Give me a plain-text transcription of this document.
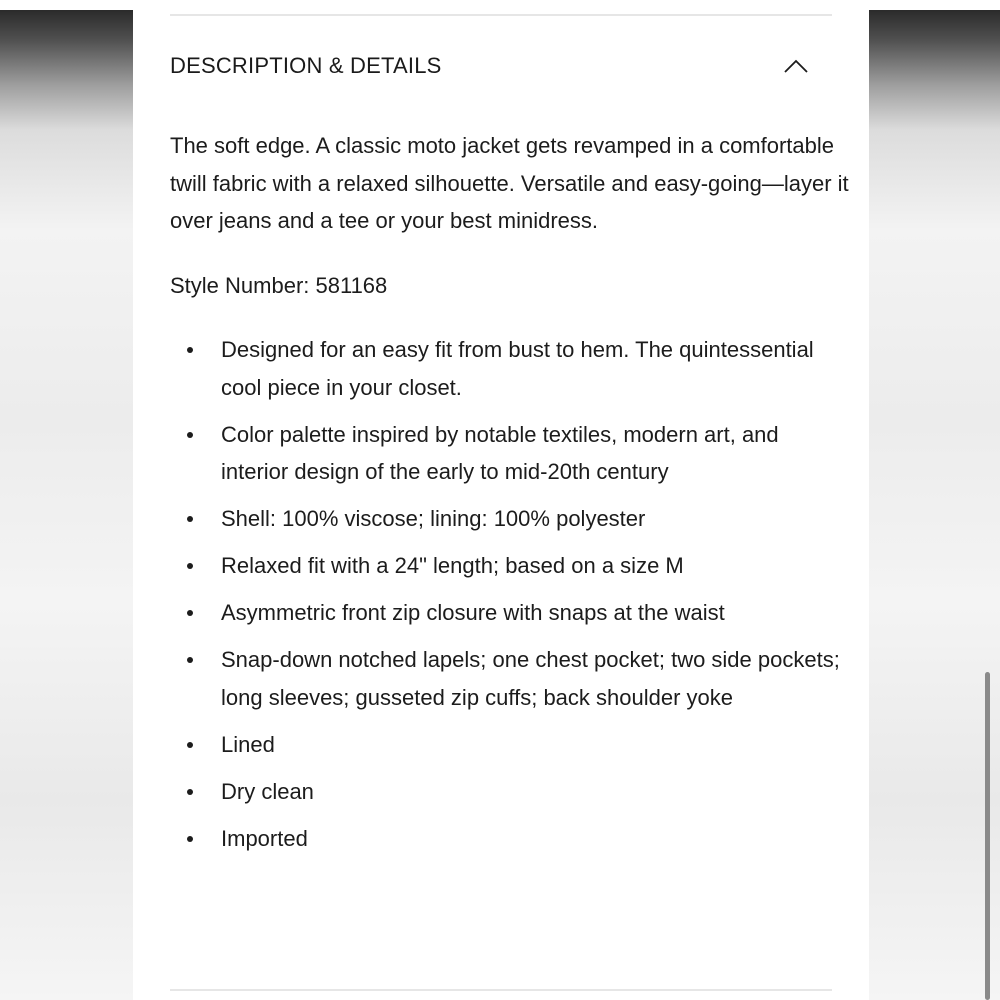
DESCRIPTION & DETAILS

The soft edge. A classic moto jacket gets revamped in a comfortable twill fabric with a relaxed silhouette. Versatile and easy-going—layer it over jeans and a tee or your best minidress.

Style Number: 581168

Designed for an easy fit from bust to hem. The quintessential cool piece in your closet.
Color palette inspired by notable textiles, modern art, and interior design of the early to mid-20th century
Shell: 100% viscose; lining: 100% polyester
Relaxed fit with a 24" length; based on a size M
Asymmetric front zip closure with snaps at the waist
Snap-down notched lapels; one chest pocket; two side pockets; long sleeves; gusseted zip cuffs; back shoulder yoke
Lined
Dry clean
Imported
